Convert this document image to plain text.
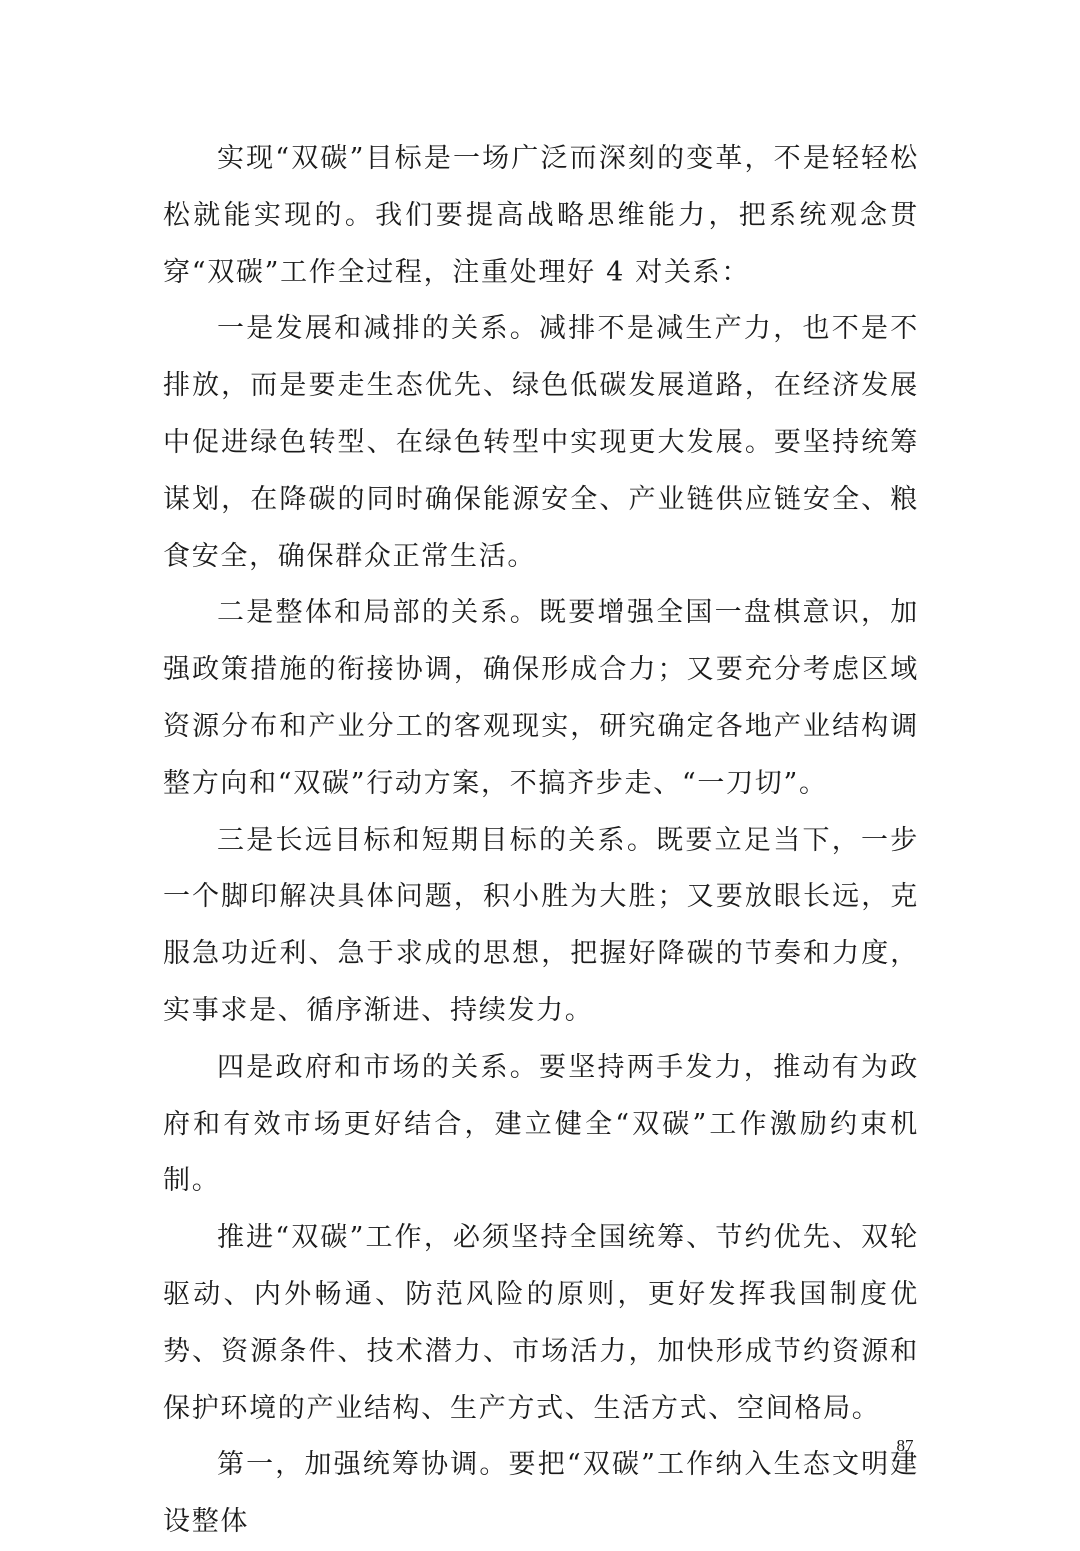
实现“双碳”目标是一场广泛而深刻的变革，不是轻轻松松就能实现的。我们要提高战略思维能力，把系统观念贯穿“双碳”工作全过程，注重处理好 4 对关系：

一是发展和减排的关系。减排不是减生产力，也不是不排放，而是要走生态优先、绿色低碳发展道路，在经济发展中促进绿色转型、在绿色转型中实现更大发展。要坚持统筹谋划，在降碳的同时确保能源安全、产业链供应链安全、粮食安全，确保群众正常生活。

二是整体和局部的关系。既要增强全国一盘棋意识，加强政策措施的衔接协调，确保形成合力；又要充分考虑区域资源分布和产业分工的客观现实，研究确定各地产业结构调整方向和“双碳”行动方案，不搞齐步走、“一刀切”。

三是长远目标和短期目标的关系。既要立足当下，一步一个脚印解决具体问题，积小胜为大胜；又要放眼长远，克服急功近利、急于求成的思想，把握好降碳的节奏和力度，实事求是、循序渐进、持续发力。

四是政府和市场的关系。要坚持两手发力，推动有为政府和有效市场更好结合，建立健全“双碳”工作激励约束机制。

推进“双碳”工作，必须坚持全国统筹、节约优先、双轮驱动、内外畅通、防范风险的原则，更好发挥我国制度优势、资源条件、技术潜力、市场活力，加快形成节约资源和保护环境的产业结构、生产方式、生活方式、空间格局。

第一，加强统筹协调。要把“双碳”工作纳入生态文明建设整体

87
